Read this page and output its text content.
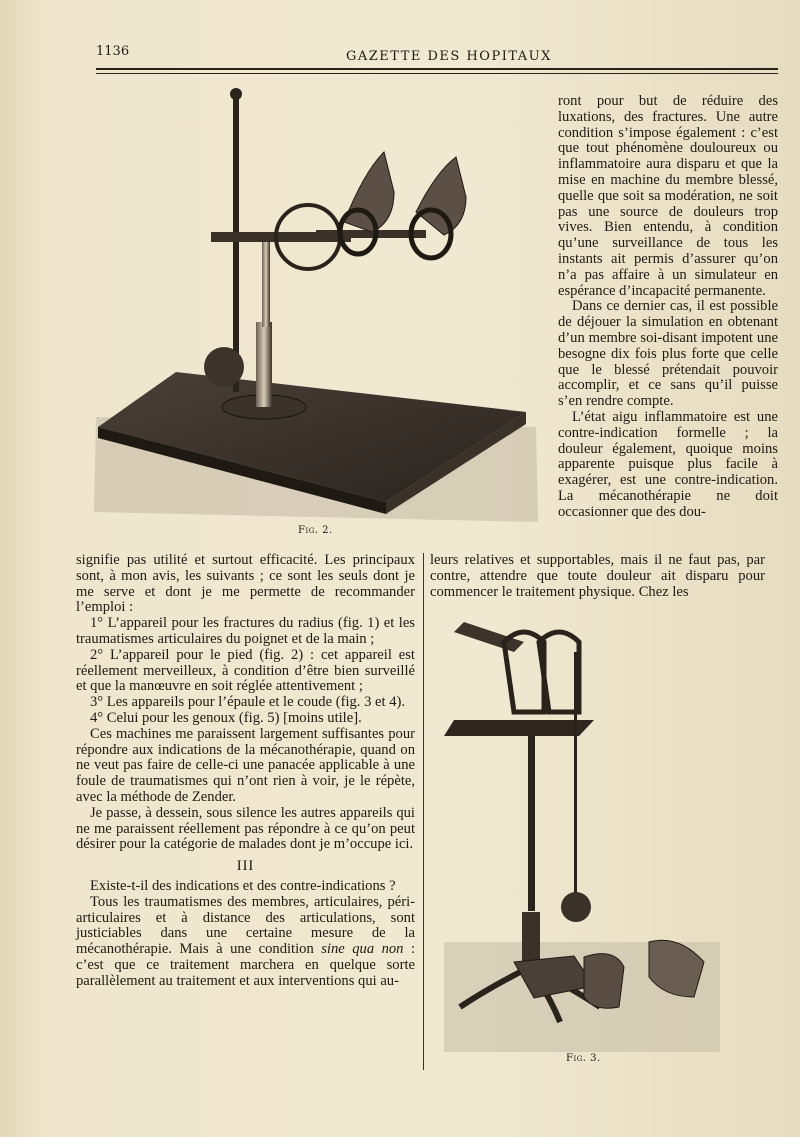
1136	GAZETTE DES HOPITAUX
Fig. 2.

ront pour but de réduire des luxations, des fractures. Une autre condition s’impose également : c’est que tout phénomène douloureux ou inflammatoire aura disparu et que la mise en machine du membre blessé, quelle que soit sa modération, ne soit pas une source de douleurs trop vives. Bien entendu, à condition qu’une surveillance de tous les instants ait permis d’assurer qu’on n’a pas affaire à un simulateur en espérance d’incapacité permanente.

Dans ce dernier cas, il est possible de déjouer la simulation en obtenant d’un membre soi-disant impotent une besogne dix fois plus forte que celle que le blessé prétendait pouvoir accomplir, et ce sans qu’il puisse s’en rendre compte.

L’état aigu inflammatoire est une contre-indication formelle ; la douleur également, quoique moins apparente puisque plus facile à exagérer, est une contre-indication. La mécanothérapie ne doit occasionner que des dou-

leurs relatives et supportables, mais il ne faut pas, par contre, attendre que toute douleur ait disparu pour commencer le traitement physique. Chez les

Fig. 3.

signifie pas utilité et surtout efficacité. Les principaux sont, à mon avis, les suivants ; ce sont les seuls dont je me serve et dont je me permette de recommander l’emploi :

1° L’appareil pour les fractures du radius (fig. 1) et les traumatismes articulaires du poignet et de la main ;

2° L’appareil pour le pied (fig. 2) : cet appareil est réellement merveilleux, à condition d’être bien surveillé et que la manœuvre en soit réglée attentivement ;

3° Les appareils pour l’épaule et le coude (fig. 3 et 4).

4° Celui pour les genoux (fig. 5) [moins utile].

Ces machines me paraissent largement suffisantes pour répondre aux indications de la mécanothérapie, quand on ne veut pas faire de celle-ci une panacée applicable à une foule de traumatismes qui n’ont rien à voir, je le répète, avec la méthode de Zender.

Je passe, à dessein, sous silence les autres appareils qui ne me paraissent réellement pas répondre à ce qu’on peut désirer pour la catégorie de malades dont je m’occupe ici.

III

Existe-t-il des indications et des contre-indications ?

Tous les traumatismes des membres, articulaires, péri-articulaires et à distance des articulations, sont justiciables dans une certaine mesure de la mécanothérapie. Mais à une condition sine qua non : c’est que ce traitement marchera en quelque sorte parallèlement au traitement et aux interventions qui au-
